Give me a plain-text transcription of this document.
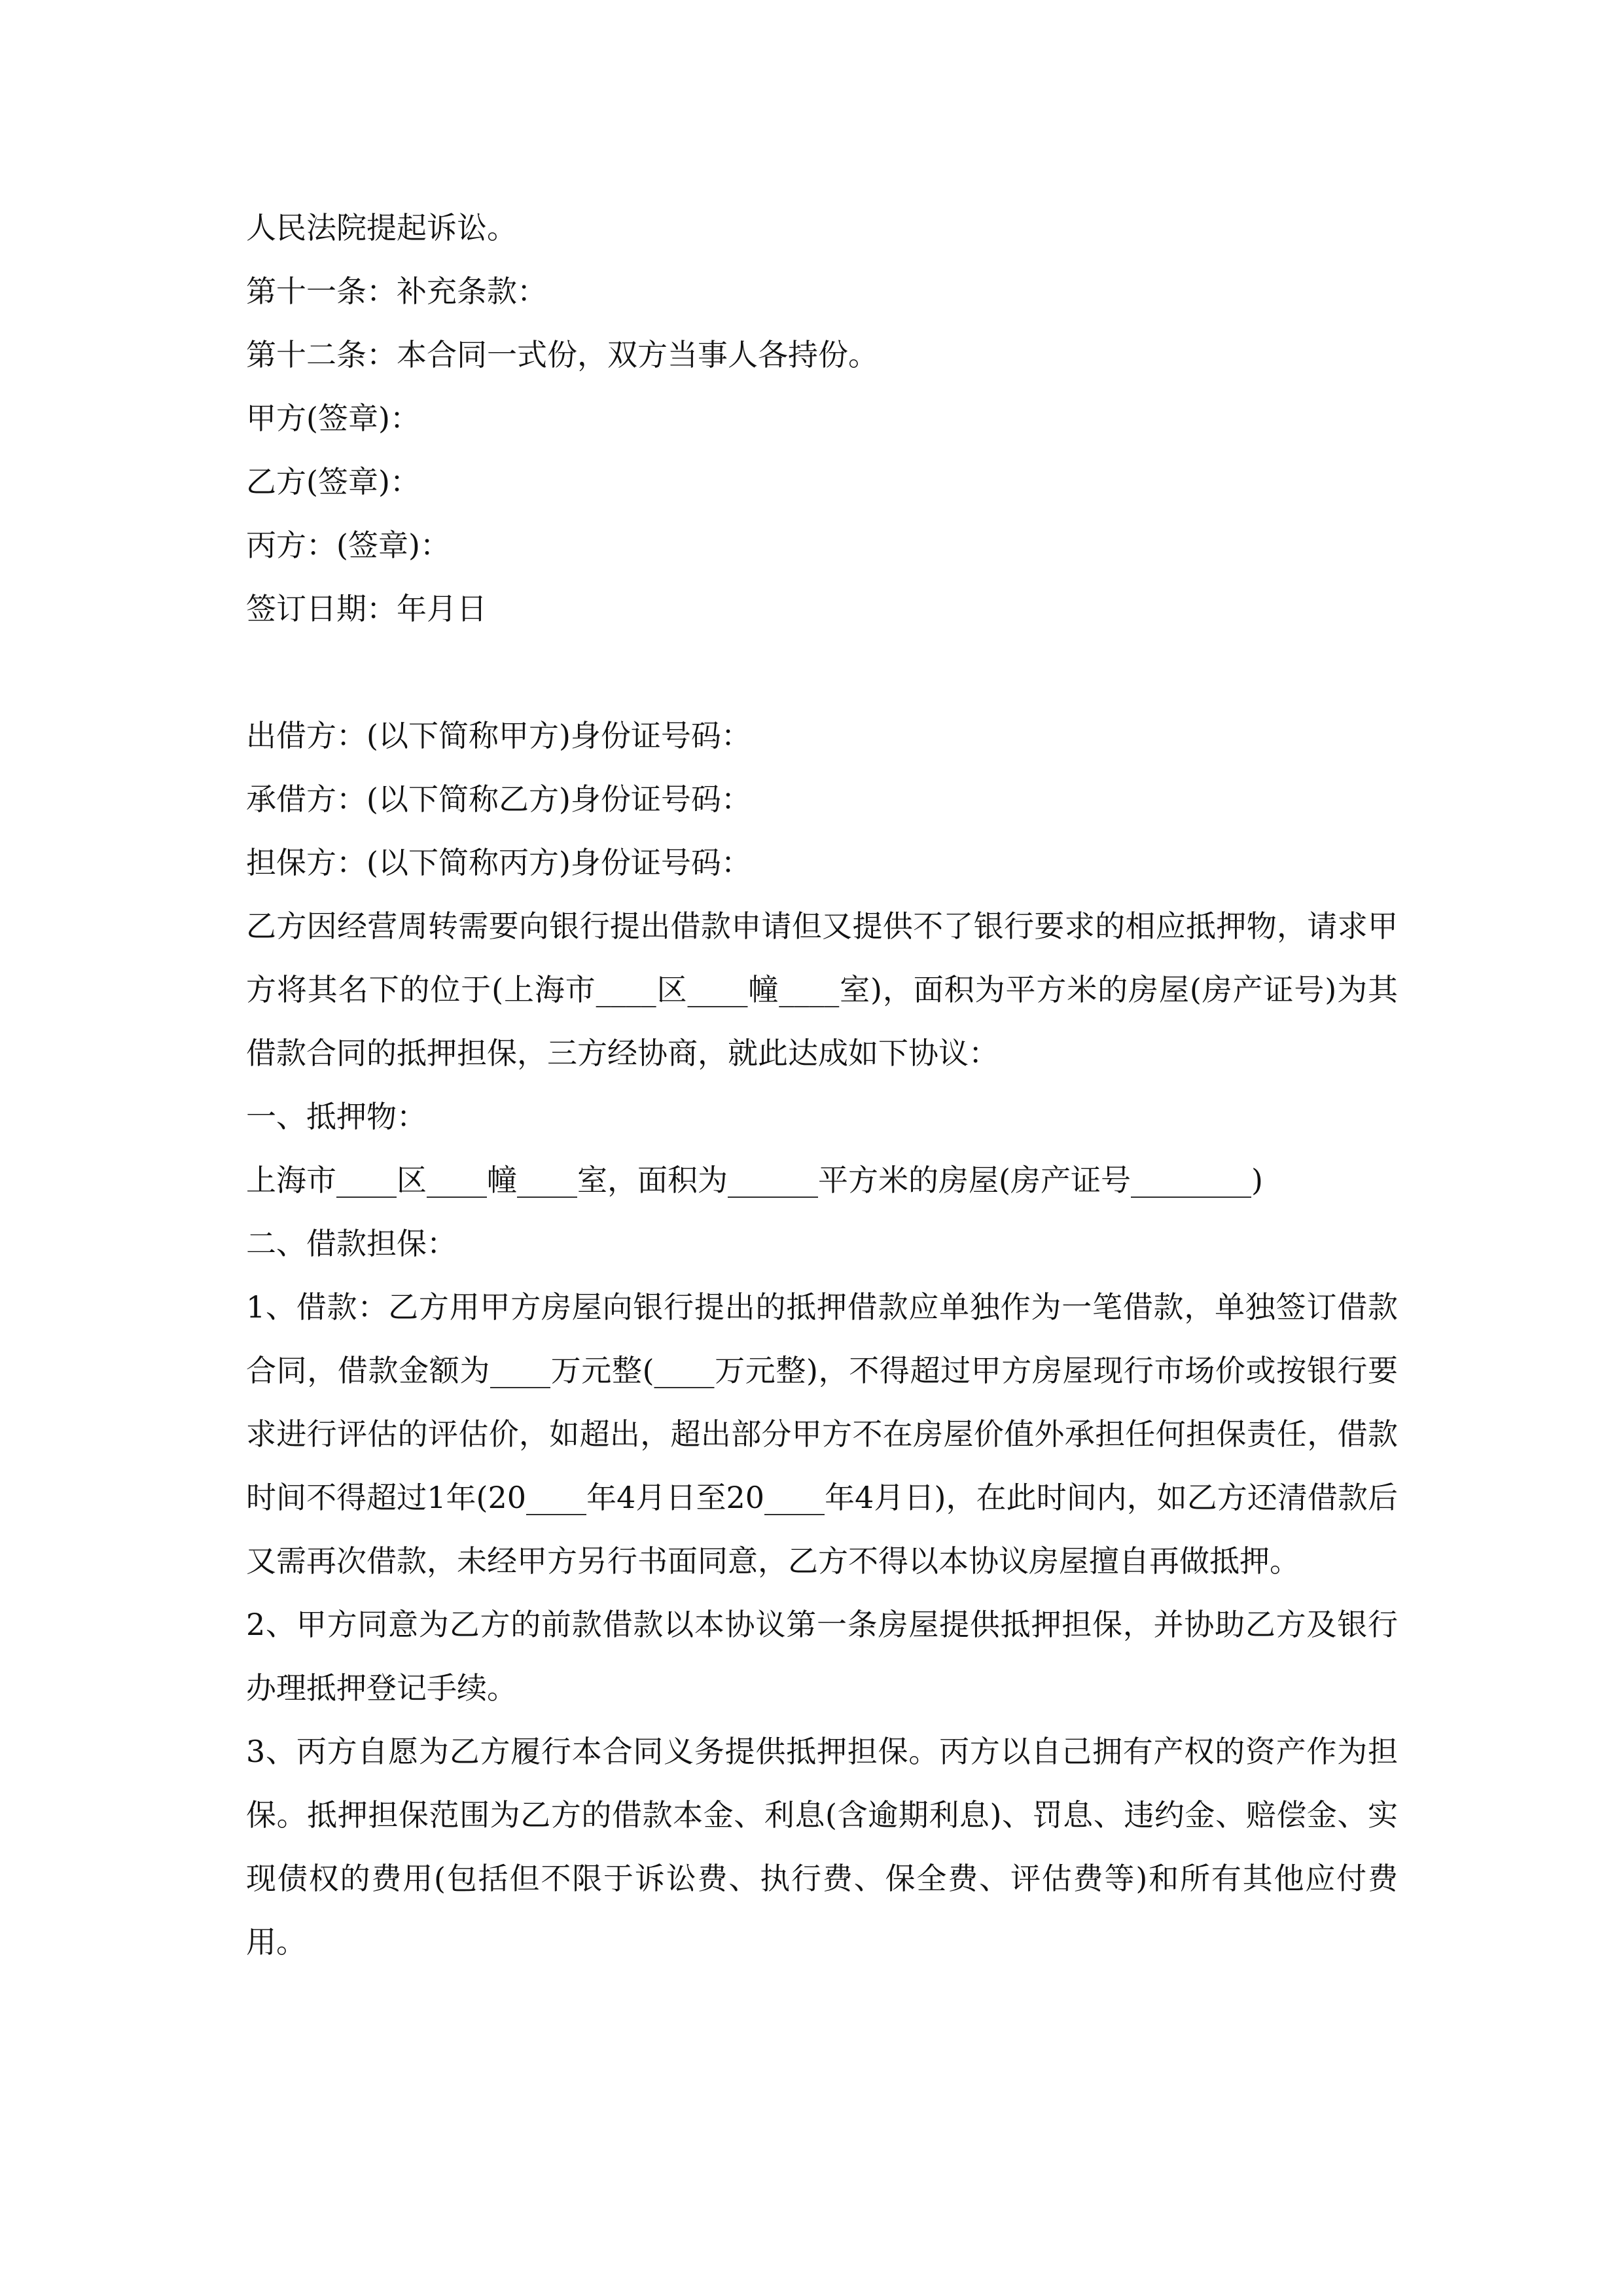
人民法院提起诉讼。

第十一条：补充条款：

第十二条：本合同一式份，双方当事人各持份。

甲方(签章)：

乙方(签章)：

丙方：(签章)：

签订日期：年月日

出借方：(以下简称甲方)身份证号码：

承借方：(以下简称乙方)身份证号码：

担保方：(以下简称丙方)身份证号码：

乙方因经营周转需要向银行提出借款申请但又提供不了银行要求的相应抵押物，请求甲方将其名下的位于(上海市____区____幢____室)，面积为平方米的房屋(房产证号)为其借款合同的抵押担保，三方经协商，就此达成如下协议：

一、抵押物：

上海市____区____幢____室，面积为______平方米的房屋(房产证号________)

二、借款担保：

1、借款：乙方用甲方房屋向银行提出的抵押借款应单独作为一笔借款，单独签订借款合同，借款金额为____万元整(____万元整)，不得超过甲方房屋现行市场价或按银行要求进行评估的评估价，如超出，超出部分甲方不在房屋价值外承担任何担保责任，借款时间不得超过1年(20____年4月日至20____年4月日)，在此时间内，如乙方还清借款后又需再次借款，未经甲方另行书面同意，乙方不得以本协议房屋擅自再做抵押。

2、甲方同意为乙方的前款借款以本协议第一条房屋提供抵押担保，并协助乙方及银行办理抵押登记手续。

3、丙方自愿为乙方履行本合同义务提供抵押担保。丙方以自己拥有产权的资产作为担保。抵押担保范围为乙方的借款本金、利息(含逾期利息)、罚息、违约金、赔偿金、实现债权的费用(包括但不限于诉讼费、执行费、保全费、评估费等)和所有其他应付费用。
